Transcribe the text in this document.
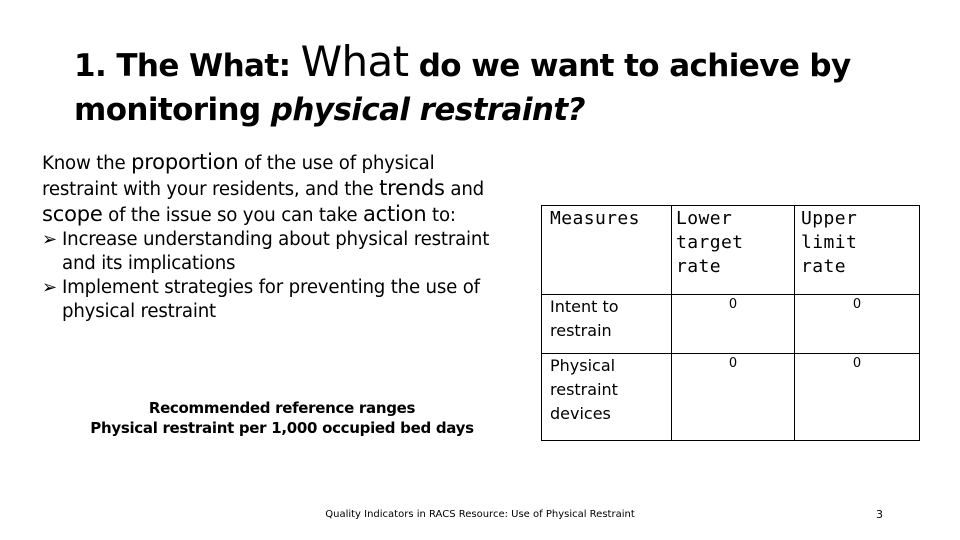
1. The What: What do we want to achieve by
monitoring physical restraint?
Know the proportion of the use of physical restraint with your residents, and the trends and scope of the issue so you can take action to:
➢ Increase understanding about physical restraint and its implications
➢ Implement strategies for preventing the use of physical restraint
Recommended reference ranges
Physical restraint per 1,000 occupied bed days
Measures	Lower target rate	Upper limit rate

Intent to restrain	0	0

Physical restraint devices	0	0
Quality Indicators in RACS Resource: Use of Physical Restraint	3
